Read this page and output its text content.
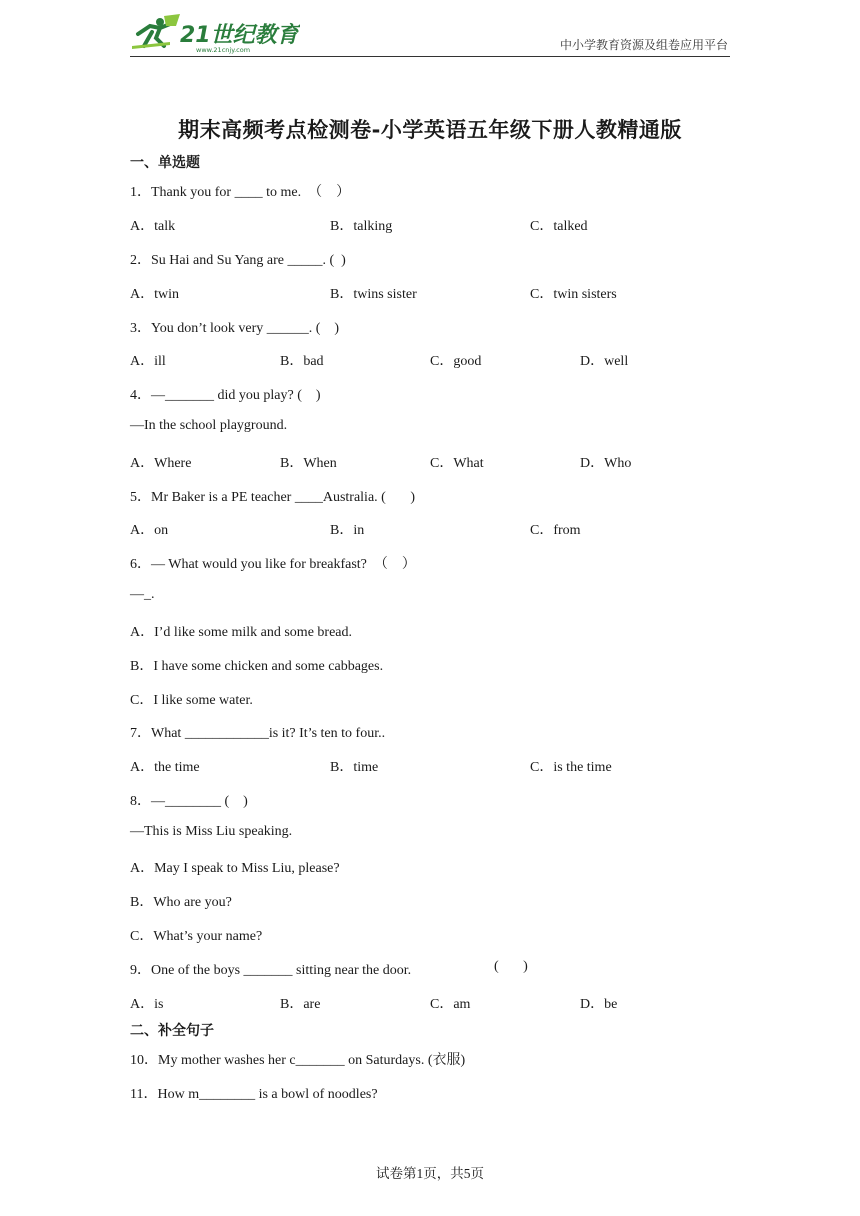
21世纪教育
www.21cnjy.com	中小学教育资源及组卷应用平台
期末高频考点检测卷-小学英语五年级下册人教精通版
一、单选题
1．Thank you for ____ to me.  （    ）
A．talk	B．talking	C．talked
2．Su Hai and Su Yang are _____. (  )
A．twin	B．twins sister	C．twin sisters
3．You don’t look very ______. (    )
A．ill	B．bad	C．good	D．well
4．—_______ did you play? (    )
—In the school playground.
A．Where	B．When	C．What	D．Who
5．Mr Baker is a PE teacher ____Australia. (       )
A．on	B．in	C．from
6．— What would you like for breakfast?  （    ）
—_.
A．I’d like some milk and some bread.
B．I have some chicken and some cabbages.
C．I like some water.
7．What ____________is it? It’s ten to four..
A．the time	B．time	C．is the time
8．—________ (    )
—This is Miss Liu speaking.
A．May I speak to Miss Liu, please?
B．Who are you?
C．What’s your name?
9．One of the boys _______ sitting near the door.	(       )
A．is	B．are	C．am	D．be
二、补全句子
10．My mother washes her c_______ on Saturdays. (衣服)
11．How m________ is a bowl of noodles?
试卷第1页，共5页
